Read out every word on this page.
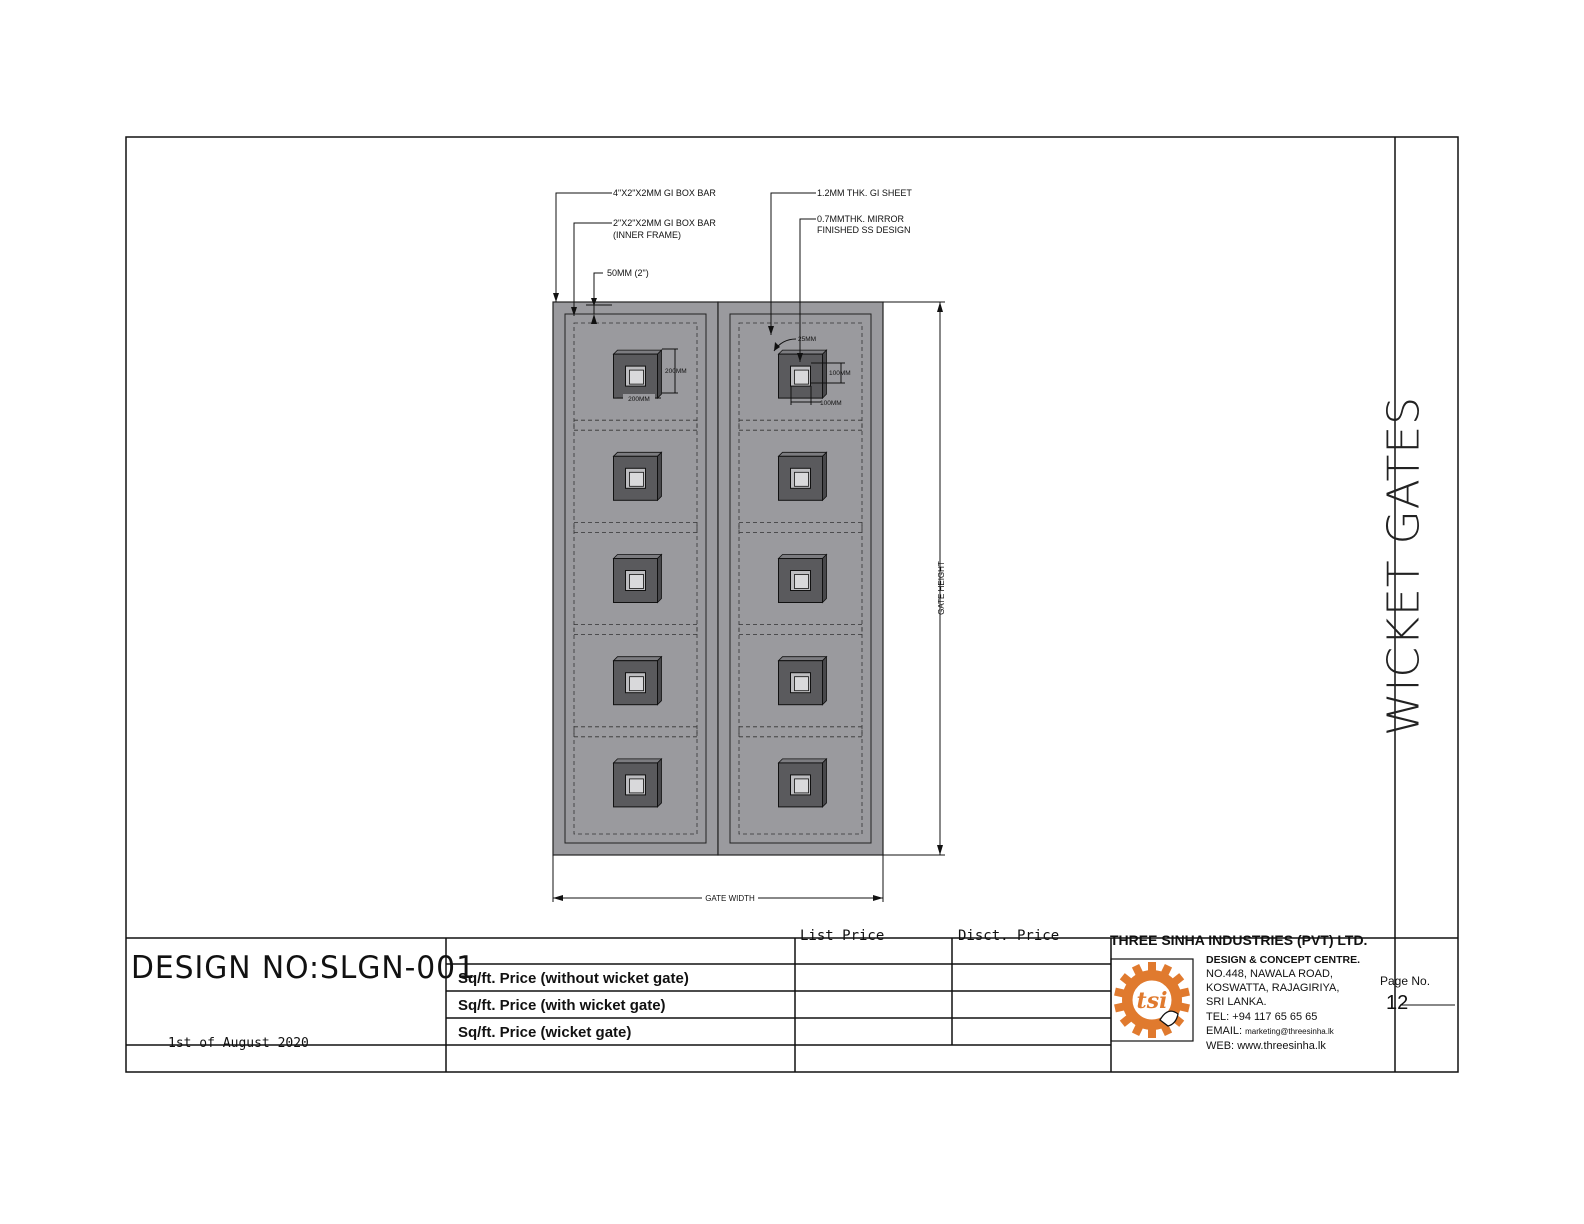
GATE HEIGHT
GATE WIDTH
4"X2"X2MM GI BOX BAR
2"X2"X2MM GI BOX BAR
(INNER FRAME)
50MM (2")
1.2MM THK. GI SHEET
0.7MMTHK. MIRROR
FINISHED SS DESIGN
200MM
200MM
100MM
100MM
25MM
DESIGN NO:SLGN-001
1st of August 2020
List Price	Disct. Price
Sq/ft. Price (without wicket gate)
Sq/ft. Price (with wicket gate)
Sq/ft. Price (wicket gate)
THREE SINHA INDUSTRIES (PVT) LTD.
tsi
DESIGN & CONCEPT CENTRE.
NO.448, NAWALA ROAD,
KOSWATTA, RAJAGIRIYA,
SRI LANKA.
TEL: +94 117 65 65 65
EMAIL: marketing@threesinha.lk
WEB: www.threesinha.lk
Page No.
12
WICKET GATES
